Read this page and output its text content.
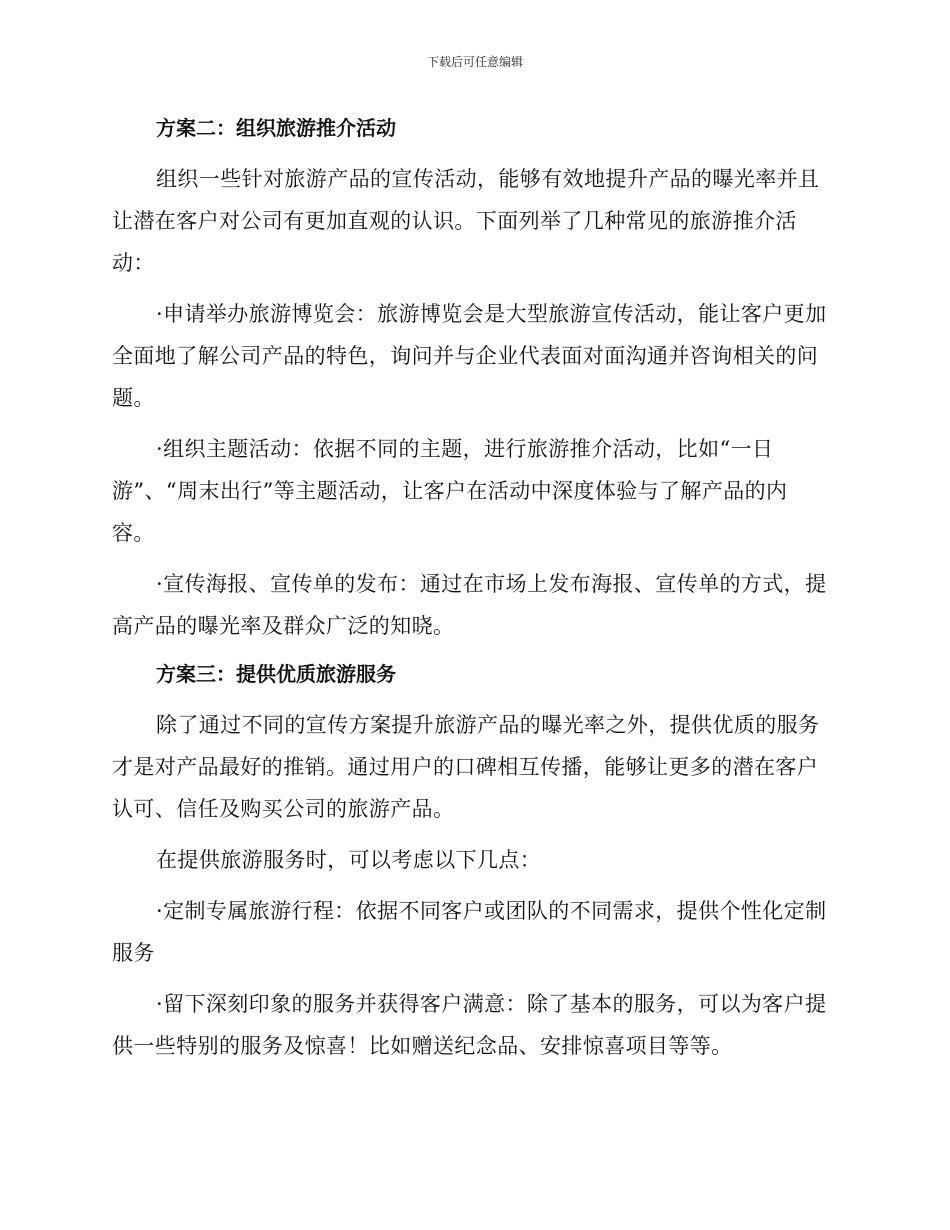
下载后可任意编辑
方案二：组织旅游推介活动

组织一些针对旅游产品的宣传活动，能够有效地提升产品的曝光率并且让潜在客户对公司有更加直观的认识。下面列举了几种常见的旅游推介活动：

·申请举办旅游博览会：旅游博览会是大型旅游宣传活动，能让客户更加全面地了解公司产品的特色，询问并与企业代表面对面沟通并咨询相关的问题。

·组织主题活动：依据不同的主题，进行旅游推介活动，比如“一日游”、“周末出行”等主题活动，让客户在活动中深度体验与了解产品的内容。

·宣传海报、宣传单的发布：通过在市场上发布海报、宣传单的方式，提高产品的曝光率及群众广泛的知晓。

方案三：提供优质旅游服务

除了通过不同的宣传方案提升旅游产品的曝光率之外，提供优质的服务才是对产品最好的推销。通过用户的口碑相互传播，能够让更多的潜在客户认可、信任及购买公司的旅游产品。

在提供旅游服务时，可以考虑以下几点：

·定制专属旅游行程：依据不同客户或团队的不同需求，提供个性化定制服务

·留下深刻印象的服务并获得客户满意：除了基本的服务，可以为客户提供一些特别的服务及惊喜！比如赠送纪念品、安排惊喜项目等等。
